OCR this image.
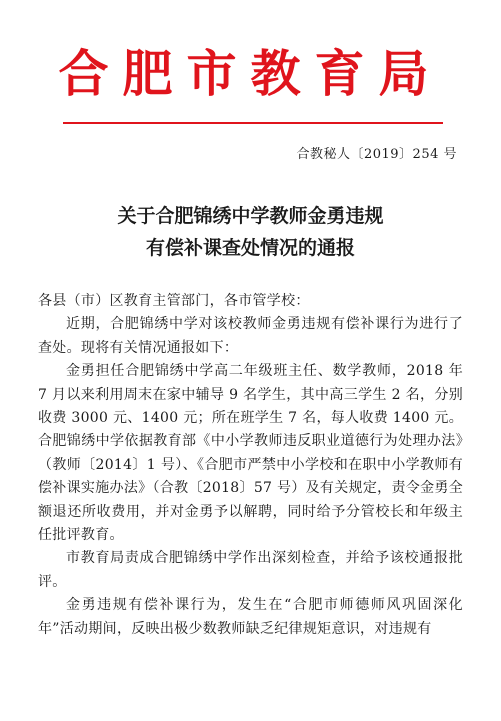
合肥市教育局
合教秘人〔2019〕254 号
关于合肥锦绣中学教师金勇违规
有偿补课查处情况的通报

各县（市）区教育主管部门，各市管学校：

近期，合肥锦绣中学对该校教师金勇违规有偿补课行为进行了查处。现将有关情况通报如下：

金勇担任合肥锦绣中学高二年级班主任、数学教师，2018 年 7 月以来利用周末在家中辅导 9 名学生，其中高三学生 2 名，分别收费 3000 元、1400 元；所在班学生 7 名，每人收费 1400 元。合肥锦绣中学依据教育部《中小学教师违反职业道德行为处理办法》（教师〔2014〕1 号）、《合肥市严禁中小学校和在职中小学教师有偿补课实施办法》（合教〔2018〕57 号）及有关规定，责令金勇全额退还所收费用，并对金勇予以解聘，同时给予分管校长和年级主任批评教育。

市教育局责成合肥锦绣中学作出深刻检查，并给予该校通报批评。

金勇违规有偿补课行为，发生在“合肥市师德师风巩固深化年”活动期间，反映出极少数教师缺乏纪律规矩意识，对违规有
